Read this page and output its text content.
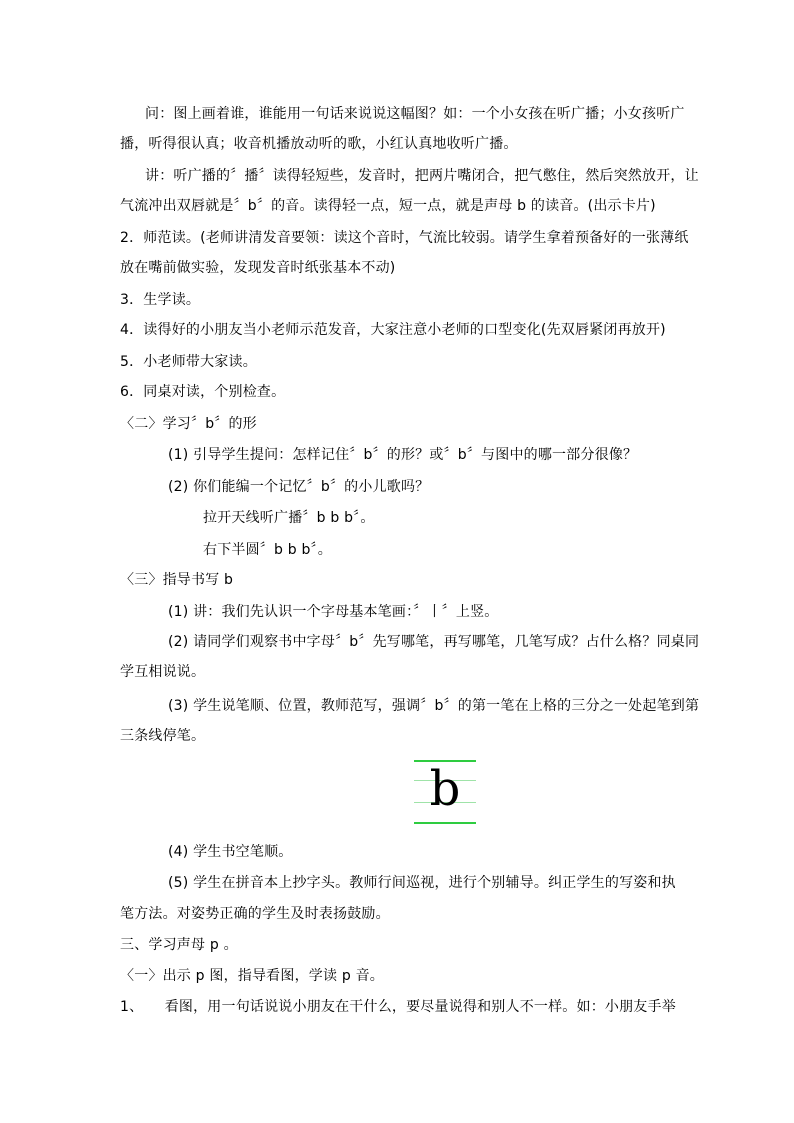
问：图上画着谁，谁能用一句话来说说这幅图？如：一个小女孩在听广播；小女孩听广
播，听得很认真；收音机播放动听的歌，小红认真地收听广播。
讲：听广播的〞播〞读得轻短些，发音时，把两片嘴闭合，把气憋住，然后突然放开，让
气流冲出双唇就是〞b〞的音。读得轻一点，短一点，就是声母 b 的读音。(出示卡片)
2．师范读。(老师讲清发音要领：读这个音时，气流比较弱。请学生拿着预备好的一张薄纸
放在嘴前做实验，发现发音时纸张基本不动)
3．生学读。
4．读得好的小朋友当小老师示范发音，大家注意小老师的口型变化(先双唇紧闭再放开)
5．小老师带大家读。
6．同桌对读，个别检查。
〈二〉学习〞b〞的形
(1) 引导学生提问：怎样记住〞b〞的形？或〞b〞与图中的哪一部分很像？
(2) 你们能编一个记忆〞b〞的小儿歌吗？
拉开天线听广播〞b b b〞。
右下半圆〞b b b〞。
〈三〉指导书写 b
(1) 讲：我们先认识一个字母基本笔画：〞丨〞上竖。
(2) 请同学们观察书中字母〞b〞先写哪笔，再写哪笔，几笔写成？占什么格？同桌同
学互相说说。
(3) 学生说笔顺、位置，教师范写，强调〞b〞的第一笔在上格的三分之一处起笔到第
三条线停笔。
b
(4) 学生书空笔顺。
(5) 学生在拼音本上抄字头。教师行间巡视，进行个别辅导。纠正学生的写姿和执
笔方法。对姿势正确的学生及时表扬鼓励。
三、学习声母 p 。
〈一〉出示 p 图，指导看图，学读 p 音。
1、　　看图，用一句话说说小朋友在干什么，要尽量说得和别人不一样。如：小朋友手举
